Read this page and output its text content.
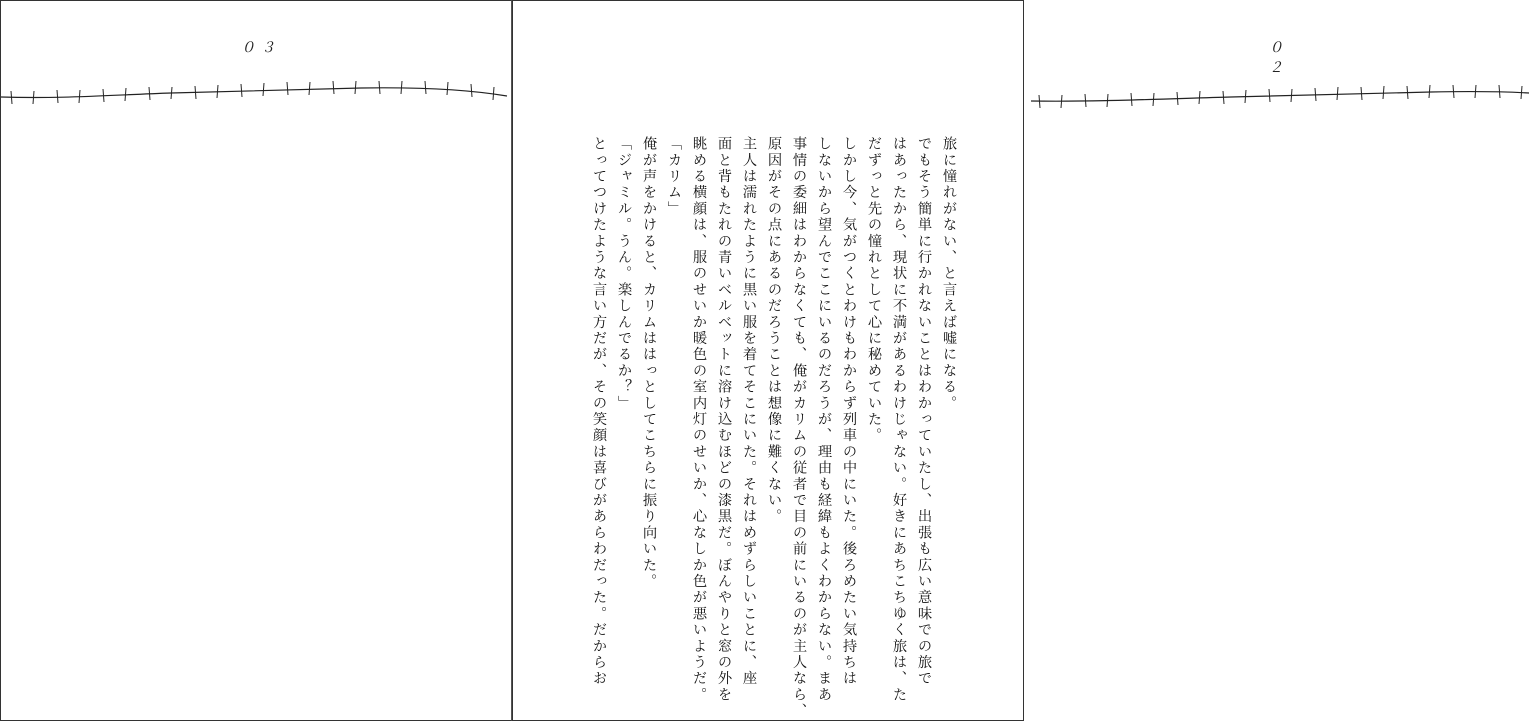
０３	０２
旅に憧れがない、と言えば嘘になる。
でもそう簡単に行かれないことはわかっていたし、出張も広い意味での旅で
はあったから、現状に不満があるわけじゃない。好きにあちこちゆく旅は、た
だずっと先の憧れとして心に秘めていた。
しかし今、気がつくとわけもわからず列車の中にいた。後ろめたい気持ちは
しないから望んでここにいるのだろうが、理由も経緯もよくわからない。まあ
事情の委細はわからなくても、俺がカリムの従者で目の前にいるのが主人なら、
原因がその点にあるのだろうことは想像に難くない。
主人は濡れたように黒い服を着てそこにいた。それはめずらしいことに、座
面と背もたれの青いベルベットに溶け込むほどの漆黒だ。ぼんやりと窓の外を
眺める横顔は、服のせいか暖色の室内灯のせいか、心なしか色が悪いようだ。
「カリム」
俺が声をかけると、カリムははっとしてこちらに振り向いた。
「ジャミル。うん。楽しんでるか？」
とってつけたような言い方だが、その笑顔は喜びがあらわだった。だからお
